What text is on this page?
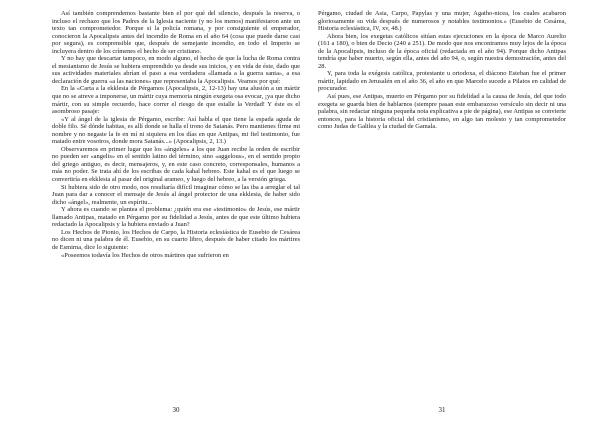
Así también comprendemos bastante bien el por qué del silencio, después la reserva, o incluso el rechazo que los Padres de la Iglesia naciente (y no los menos) manifestaron ante un texto tan comprometedor. Porque si la policía romana, y por consiguiente el emperador, conocieron la Apocalipsis antes del incendio de Roma en el año 64 (cosa que puede darse casi por segura), es comprensible que, después de semejante incendio, en todo el Imperio se incluyera dentro de los crímenes el hecho de ser cristiano.

Y no hay que descartar tampoco, en modo alguno, el hecho de que la lucha de Roma contra el mesianismo de Jesús se hubiera emprendido ya desde sus inicios, y en vida de éste, dado que sus actividades materiales abrían el paso a esa verdadera «llamada a la guerra santa», a esa declaración de guerra «a las naciones» que representaba la Apocalipsis. Veamos por qué:

En la «Carta a la ekklesia de Pérgamos (Apocalipsis, 2, 12-13) hay una alusión a un mártir que no se atreve a imponerse, un mártir cuya memoria ningún exegeta osa evocar, ¡ya que dicho mártir, con su simple recuerdo, hace correr el riesgo de que estalle la Verdad! Y éste es el asombroso pasaje:

«Y al ángel de la iglesia de Pérgamo, escribe: Así habla el que tiene la espada aguda de doble filo. Sé dónde habitas, es allí donde se halla el trono de Satanás. Pero mantienes firme mi nombre y no negaste la fe en mí ni siquiera en los días en que Antipas, mi fiel testimonio, fue matado entre vosotros, donde mora Satanás...» (Apocalipsis, 2, 13.)

Observaremos en primer lugar que los «ángeles» a los que Juan recibe la orden de escribir no pueden ser «angelis» en el sentido latino del término, sino «aggelous», en el sentido propio del griego antiguo, es decir, mensajeros, y, en este caso concreto, corresponsales, humanos a más no poder. Se trata ahí de los escribas de cada kahal hebreo. Este kahal es el que luego se convertiría en ekklesia al pasar del original arameo, y luego del hebreo, a la versión griega.

Si hubiera sido de otro modo, nos resultaría difícil imaginar cómo se las iba a arreglar el tal Juan para dar a conocer el mensaje de Jesús al ángel protector de una ekklesia, de haber sido dicho «ángel», realmente, un espíritu...

Y ahora es cuando se plantea el problema: ¿quién era ese «testimonio» de Jesús, ese mártir llamado Antipas, matado en Pérgamo por su fidelidad a Jesús, antes de que este último hubiera redactado la Apocalipsis y la hubiera enviado a Juan?

Los Hechos de Pionio, los Hechos de Carpo, la Historia eclesiástica de Eusebio de Cesárea no dicen ni una palabra de él. Eusebio, en su cuarto libro, después de haber citado los mártires de Esmirna, dice lo siguiente:

«Poseemos todavía los Hechos de otros mártires que sufrieron en

30

Pérgamo, ciudad de Asia, Carpo, Papylas y una mujer, Agatho-nicea, los cuales acabaron gloriosamente su vida después de numerosos y notables testimonios.» (Eusebio de Cesárea, Historia eclesiástica, IV, xv, 48.)

Ahora bien, los exegetas católicos sitúan estas ejecuciones en la época de Marco Aurelio (161 a 180), o bien de Decio (240 a 251). De modo que nos encontramos muy lejos de la época de la Apocalipsis, incluso de la época oficial (redactada en el año 94). Porque dicho Antipas tendría que haber muerto, según ella, antes del año 94, o, según nuestra demostración, antes del 28.

Y, para toda la exégesis católica, protestante u ortodoxa, el diácono Esteban fue el primer mártir, lapidado en Jerusalén en el año 36, el año en que Marcelo sucede a Pilatos en calidad de procurador.

Así pues, ese Antipas, muerto en Pérgamo por su fidelidad a la causa de Jesús, del que todo exegeta se guarda bien de hablarnos (siempre pasan este embarazoso versículo sin decir ni una palabra, sin redactar ninguna pequeña nota explicativa a pie de página), ese Antipas se convierte entonces, para la historia oficial del cristianismo, en algo tan molesto y tan comprometedor como Judas de Galilea y la ciudad de Gamala.

31
